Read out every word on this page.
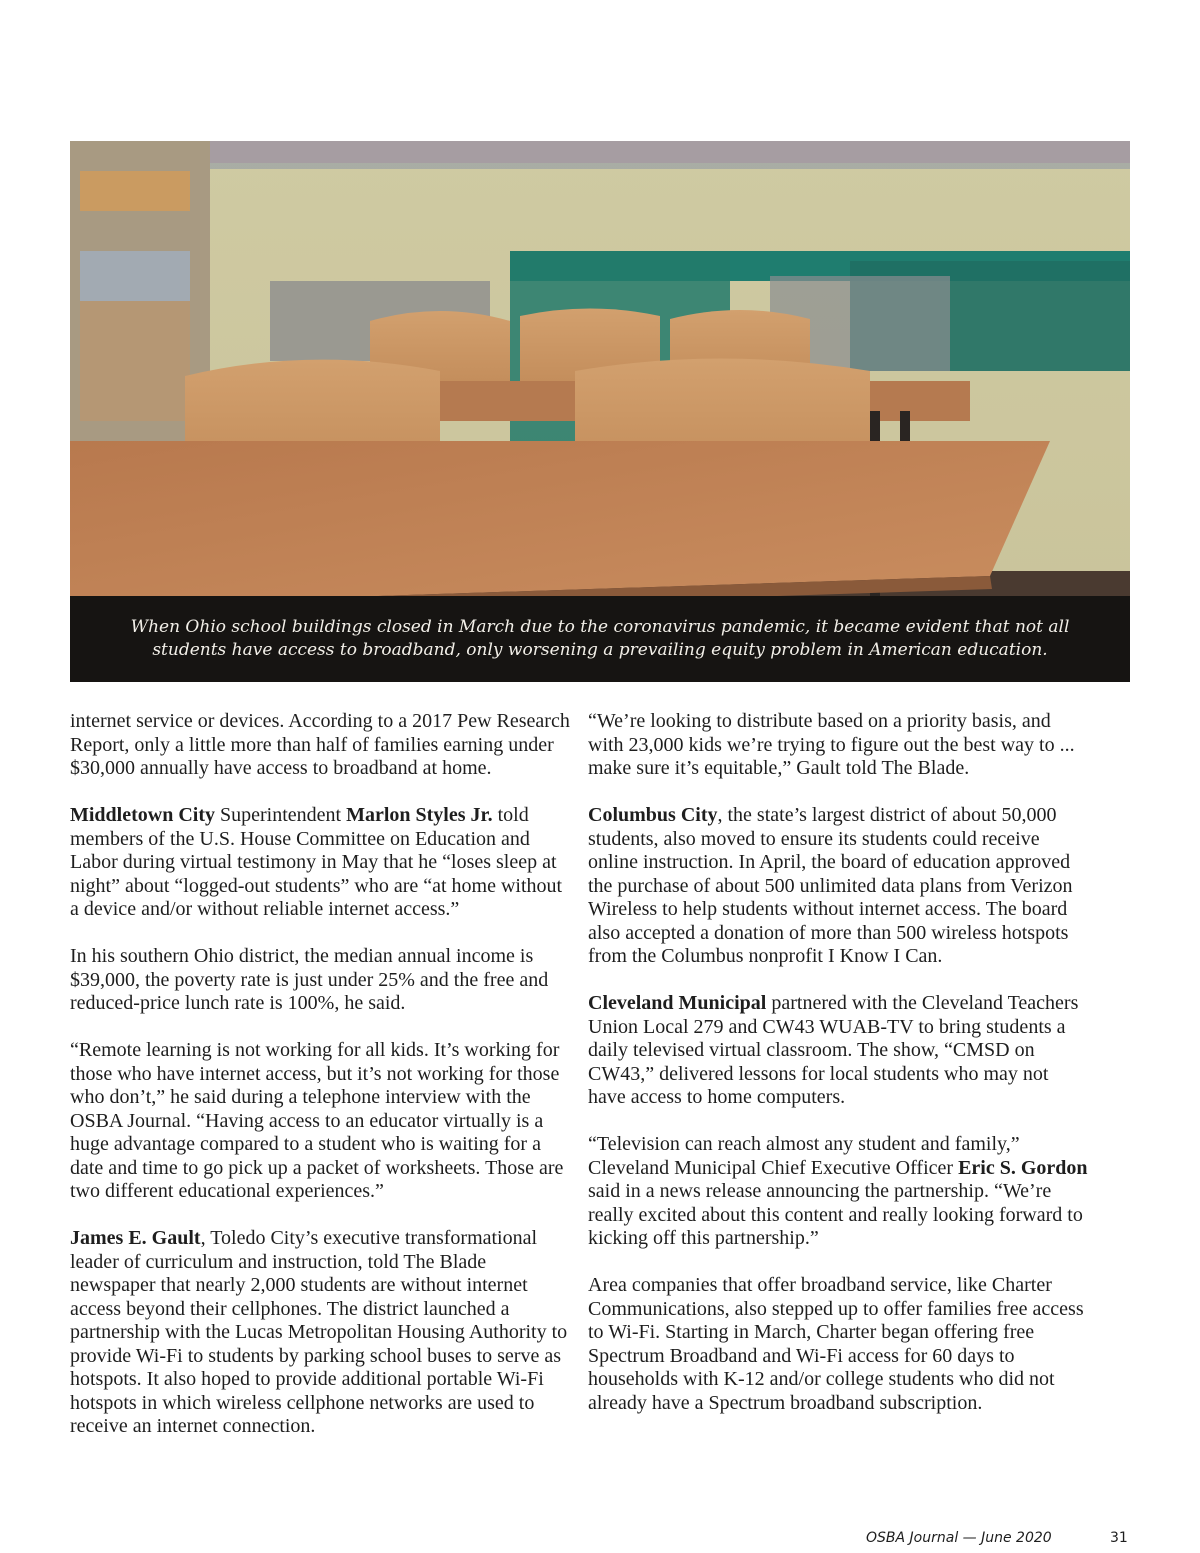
When Ohio school buildings closed in March due to the coronavirus pandemic, it became evident that not all students have access to broadband, only worsening a prevailing equity problem in American education.

internet service or devices. According to a 2017 Pew Research Report, only a little more than half of families earning under $30,000 annually have access to broadband at home.

Middletown City Superintendent Marlon Styles Jr. told members of the U.S. House Committee on Education and Labor during virtual testimony in May that he “loses sleep at night” about “logged-out students” who are “at home without a device and/or without reliable internet access.”

In his southern Ohio district, the median annual income is $39,000, the poverty rate is just under 25% and the free and reduced-price lunch rate is 100%, he said.

“Remote learning is not working for all kids. It’s working for those who have internet access, but it’s not working for those who don’t,” he said during a telephone interview with the OSBA Journal. “Having access to an educator virtually is a huge advantage compared to a student who is waiting for a date and time to go pick up a packet of worksheets. Those are two different educational experiences.”

James E. Gault, Toledo City’s executive transformational leader of curriculum and instruction, told The Blade newspaper that nearly 2,000 students are without internet access beyond their cellphones. The district launched a partnership with the Lucas Metropolitan Housing Authority to provide Wi-Fi to students by parking school buses to serve as hotspots. It also hoped to provide additional portable Wi-Fi hotspots in which wireless cellphone networks are used to receive an internet connection.

“We’re looking to distribute based on a priority basis, and with 23,000 kids we’re trying to figure out the best way to ... make sure it’s equitable,” Gault told The Blade.

Columbus City, the state’s largest district of about 50,000 students, also moved to ensure its students could receive online instruction. In April, the board of education approved the purchase of about 500 unlimited data plans from Verizon Wireless to help students without internet access. The board also accepted a donation of more than 500 wireless hotspots from the Columbus nonprofit I Know I Can.

Cleveland Municipal partnered with the Cleveland Teachers Union Local 279 and CW43 WUAB-TV to bring students a daily televised virtual classroom. The show, “CMSD on CW43,” delivered lessons for local students who may not have access to home computers.

“Television can reach almost any student and family,” Cleveland Municipal Chief Executive Officer Eric S. Gordon said in a news release announcing the partnership. “We’re really excited about this content and really looking forward to kicking off this partnership.”

Area companies that offer broadband service, like Charter Communications, also stepped up to offer families free access to Wi-Fi. Starting in March, Charter began offering free Spectrum Broadband and Wi-Fi access for 60 days to households with K-12 and/or college students who did not already have a Spectrum broadband subscription.

OSBA Journal — June 2020	31
